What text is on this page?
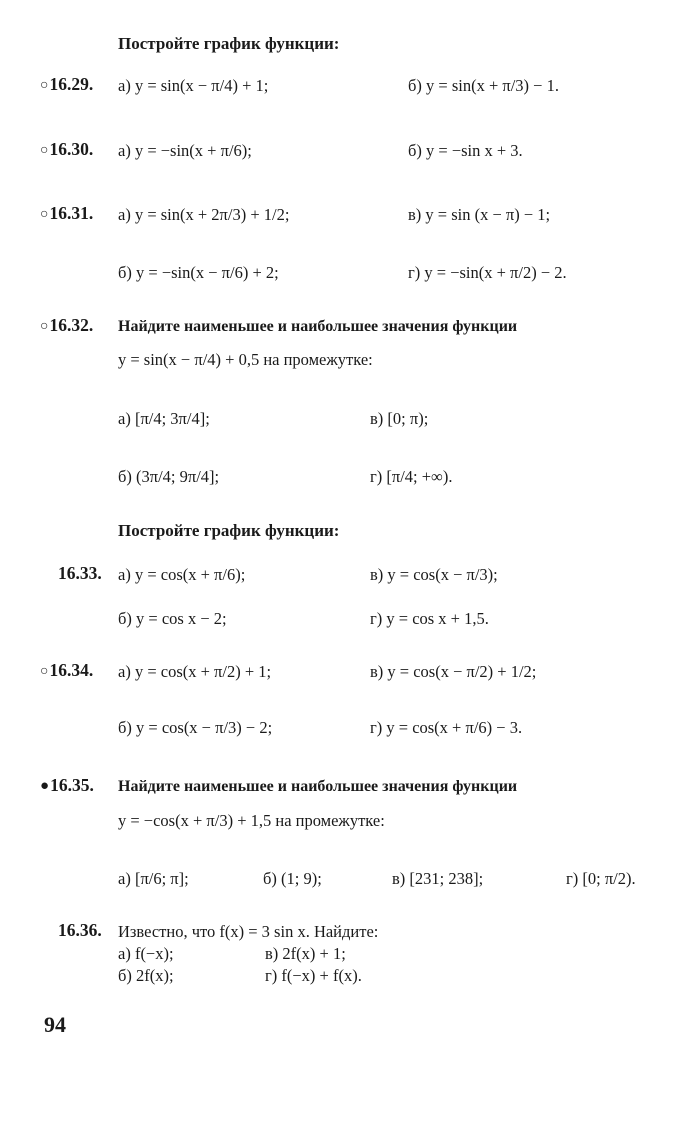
Постройте график функции:
○16.29. а) y = sin(x − π/4) + 1;	б) y = sin(x + π/3) − 1.
○16.30. а) y = −sin(x + π/6);	б) y = −sin x + 3.
○16.31. а) y = sin(x + 2π/3) + 1/2;	в) y = sin (x − π) − 1;
б) y = −sin(x − π/6) + 2;	г) y = −sin(x + π/2) − 2.
○16.32. Найдите наименьшее и наибольшее значения функции
y = sin(x − π/4) + 0,5 на промежутке:
а) [π/4; 3π/4];	в) [0; π);
б) (3π/4; 9π/4];	г) [π/4; +∞).
Постройте график функции:
16.33. а) y = cos(x + π/6);	в) y = cos(x − π/3);
б) y = cos x − 2;	г) y = cos x + 1,5.
○16.34. а) y = cos(x + π/2) + 1;	в) y = cos(x − π/2) + 1/2;
б) y = cos(x − π/3) − 2;	г) y = cos(x + π/6) − 3.
●16.35. Найдите наименьшее и наибольшее значения функции
y = −cos(x + π/3) + 1,5 на промежутке:
а) [π/6; π];	б) (1; 9);	в) [231; 238];	г) [0; π/2).
16.36. Известно, что f(x) = 3 sin x. Найдите:
а) f(−x);	в) 2f(x) + 1;
б) 2f(x);	г) f(−x) + f(x).
94
